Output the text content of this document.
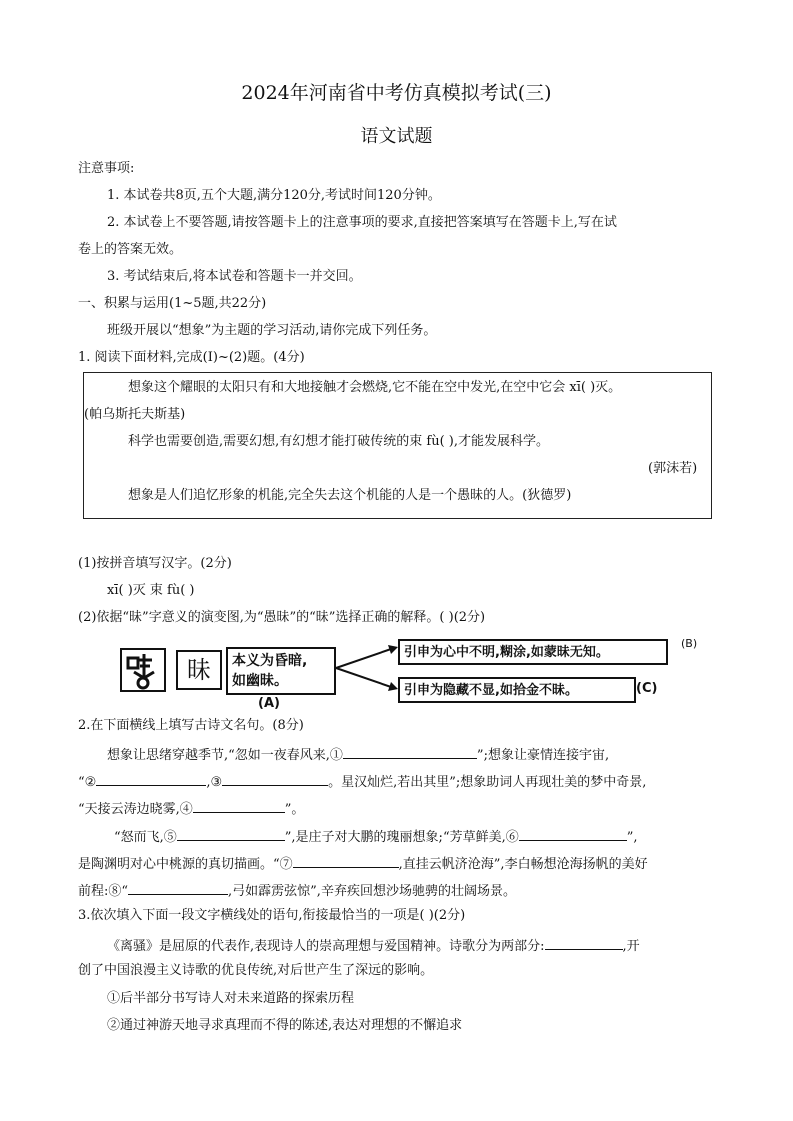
2024年河南省中考仿真模拟考试(三)
语文试题
注意事项:
1. 本试卷共8页,五个大题,满分120分,考试时间120分钟。
2. 本试卷上不要答题,请按答题卡上的注意事项的要求,直接把答案填写在答题卡上,写在试
卷上的答案无效。
3. 考试结束后,将本试卷和答题卡一并交回。
一、积累与运用(1~5题,共22分)
班级开展以“想象”为主题的学习活动,请你完成下列任务。
1. 阅读下面材料,完成(Ⅰ)~(2)题。(4分)
想象这个耀眼的太阳只有和大地接触才会燃烧,它不能在空中发光,在空中它会 xī( )灭。
(帕乌斯托夫斯基)
科学也需要创造,需要幻想,有幻想才能打破传统的束 fù( ),才能发展科学。
(郭沫若)
想象是人们追忆形象的机能,完全失去这个机能的人是一个愚昧的人。(狄德罗)
(1)按拼音填写汉字。(2分)
xī( )灭 束 fù( )
(2)依据“昧”字意义的演变图,为“愚昧”的“昧”选择正确的解释。( )(2分)
昧	本义为昏暗,
如幽昧。
(A)
引申为心中不明,糊涂,如蒙昧无知。
(B)
引申为隐藏不显,如拾金不昧。	(C)
2.在下面横线上填写古诗文名句。(8分)
想象让思绪穿越季节,“忽如一夜春风来,①	”;想象让豪情连接宇宙,
“②	,③	。星汉灿烂,若出其里”;想象助词人再现壮美的梦中奇景,
“天接云涛边晓雾,④	”。
“怒而飞,⑤	”,是庄子对大鹏的瑰丽想象;“芳草鲜美,⑥	”,
是陶渊明对心中桃源的真切描画。“⑦	,直挂云帆济沧海”,李白畅想沧海扬帆的美好
前程:⑧“	,弓如霹雳弦惊”,辛弃疾回想沙场驰骋的壮阔场景。
3.依次填入下面一段文字横线处的语句,衔接最恰当的一项是( )(2分)
《离骚》是屈原的代表作,表现诗人的崇高理想与爱国精神。诗歌分为两部分:	,开
创了中国浪漫主义诗歌的优良传统,对后世产生了深远的影响。
①后半部分书写诗人对未来道路的探索历程
②通过神游天地寻求真理而不得的陈述,表达对理想的不懈追求
